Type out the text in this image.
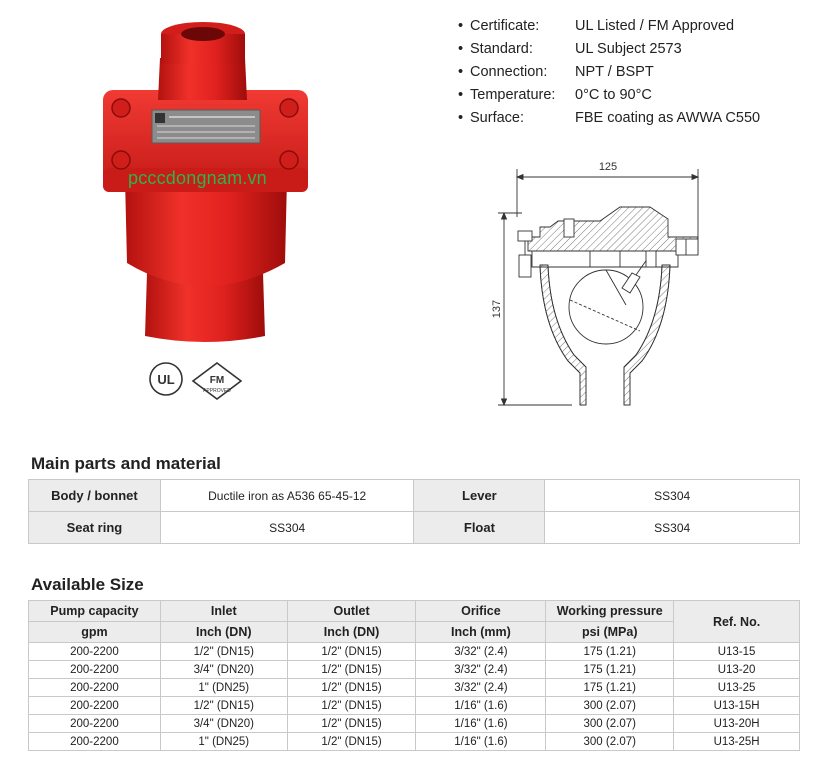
pcccdongnam.vn
UL	FM
APPROVED
• Certificate: UL Listed / FM Approved
• Standard:	UL Subject 2573
• Connection: NPT / BSPT
• Temperature: 0°C to 90°C
• Surface:	FBE coating as AWWA C550
125
137
Main parts and material
Body / bonnet	Ductile iron as A536 65-45-12	Lever	SS304
Seat ring	SS304	Float	SS304
Available Size
Pump capacity	Inlet	Outlet	Orifice	Working pressure	Ref. No.
gpm	Inch (DN)	Inch (DN)	Inch (mm)	psi (MPa)	
200-2200	1/2" (DN15)	1/2" (DN15)	3/32" (2.4)	175 (1.21)	U13-15
200-2200	3/4" (DN20)	1/2" (DN15)	3/32" (2.4)	175 (1.21)	U13-20
200-2200	1" (DN25)	1/2" (DN15)	3/32" (2.4)	175 (1.21)	U13-25
200-2200	1/2" (DN15)	1/2" (DN15)	1/16" (1.6)	300 (2.07)	U13-15H
200-2200	3/4" (DN20)	1/2" (DN15)	1/16" (1.6)	300 (2.07)	U13-20H
200-2200	1" (DN25)	1/2" (DN15)	1/16" (1.6)	300 (2.07)	U13-25H
